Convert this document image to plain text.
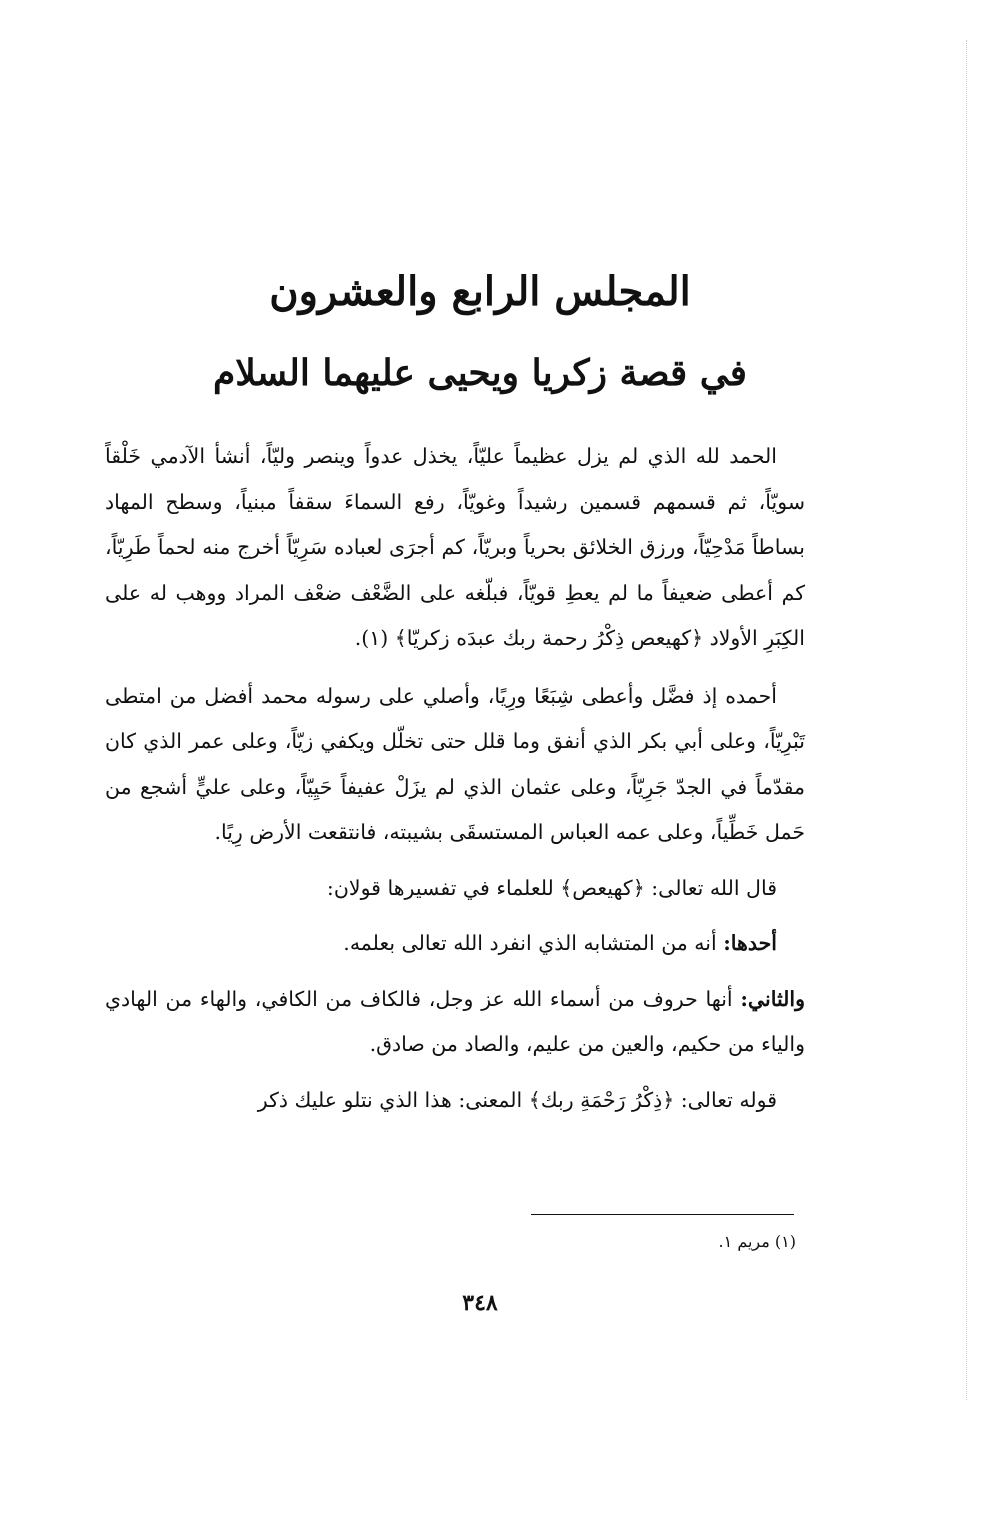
المجلس الرابع والعشرون
في قصة زكريا ويحيى عليهما السلام

الحمد لله الذي لم يزل عظيماً عليّاً، يخذل عدواً وينصر وليّاً، أنشأ الآدمي خَلْقاً سويّاً، ثم قسمهم قسمين رشيداً وغويّاً، رفع السماءَ سقفاً مبنياً، وسطح المهاد بساطاً مَدْحِيّاً، ورزق الخلائق بحرياً وبريّاً، كم أجرَى لعباده سَرِيّاً أخرج منه لحماً طَرِيّاً، كم أعطى ضعيفاً ما لم يعطِ قويّاً، فبلّغه على الضَّعْف ضعْف المراد ووهب له على الكِبَرِ الأولاد ﴿كهيعص ذِكْرُ رحمة ربك عبدَه زكريّا﴾ (١).

أحمده إذ فضَّل وأعطى شِبَعًا ورِيًا، وأصلي على رسوله محمد أفضل من امتطى تَبْرِيّاً، وعلى أبي بكر الذي أنفق وما قلل حتى تخلّل ويكفي زيّاً، وعلى عمر الذي كان مقدّماً في الجدّ جَرِيّاً، وعلى عثمان الذي لم يزَلْ عفيفاً حَيِيّاً، وعلى عليٍّ أشجع من حَمل خَطِّياً، وعلى عمه العباس المستسقَى بشيبته، فانتقعت الأرض رِيًا.

قال الله تعالى: ﴿كهيعص﴾ للعلماء في تفسيرها قولان:

أحدها: أنه من المتشابه الذي انفرد الله تعالى بعلمه.

والثاني: أنها حروف من أسماء الله عز وجل، فالكاف من الكافي، والهاء من الهادي والياء من حكيم، والعين من عليم، والصاد من صادق.

قوله تعالى: ﴿ذِكْرُ رَحْمَةِ ربك﴾ المعنى: هذا الذي نتلو عليك ذكر

(١) مريم ١.
٣٤٨
